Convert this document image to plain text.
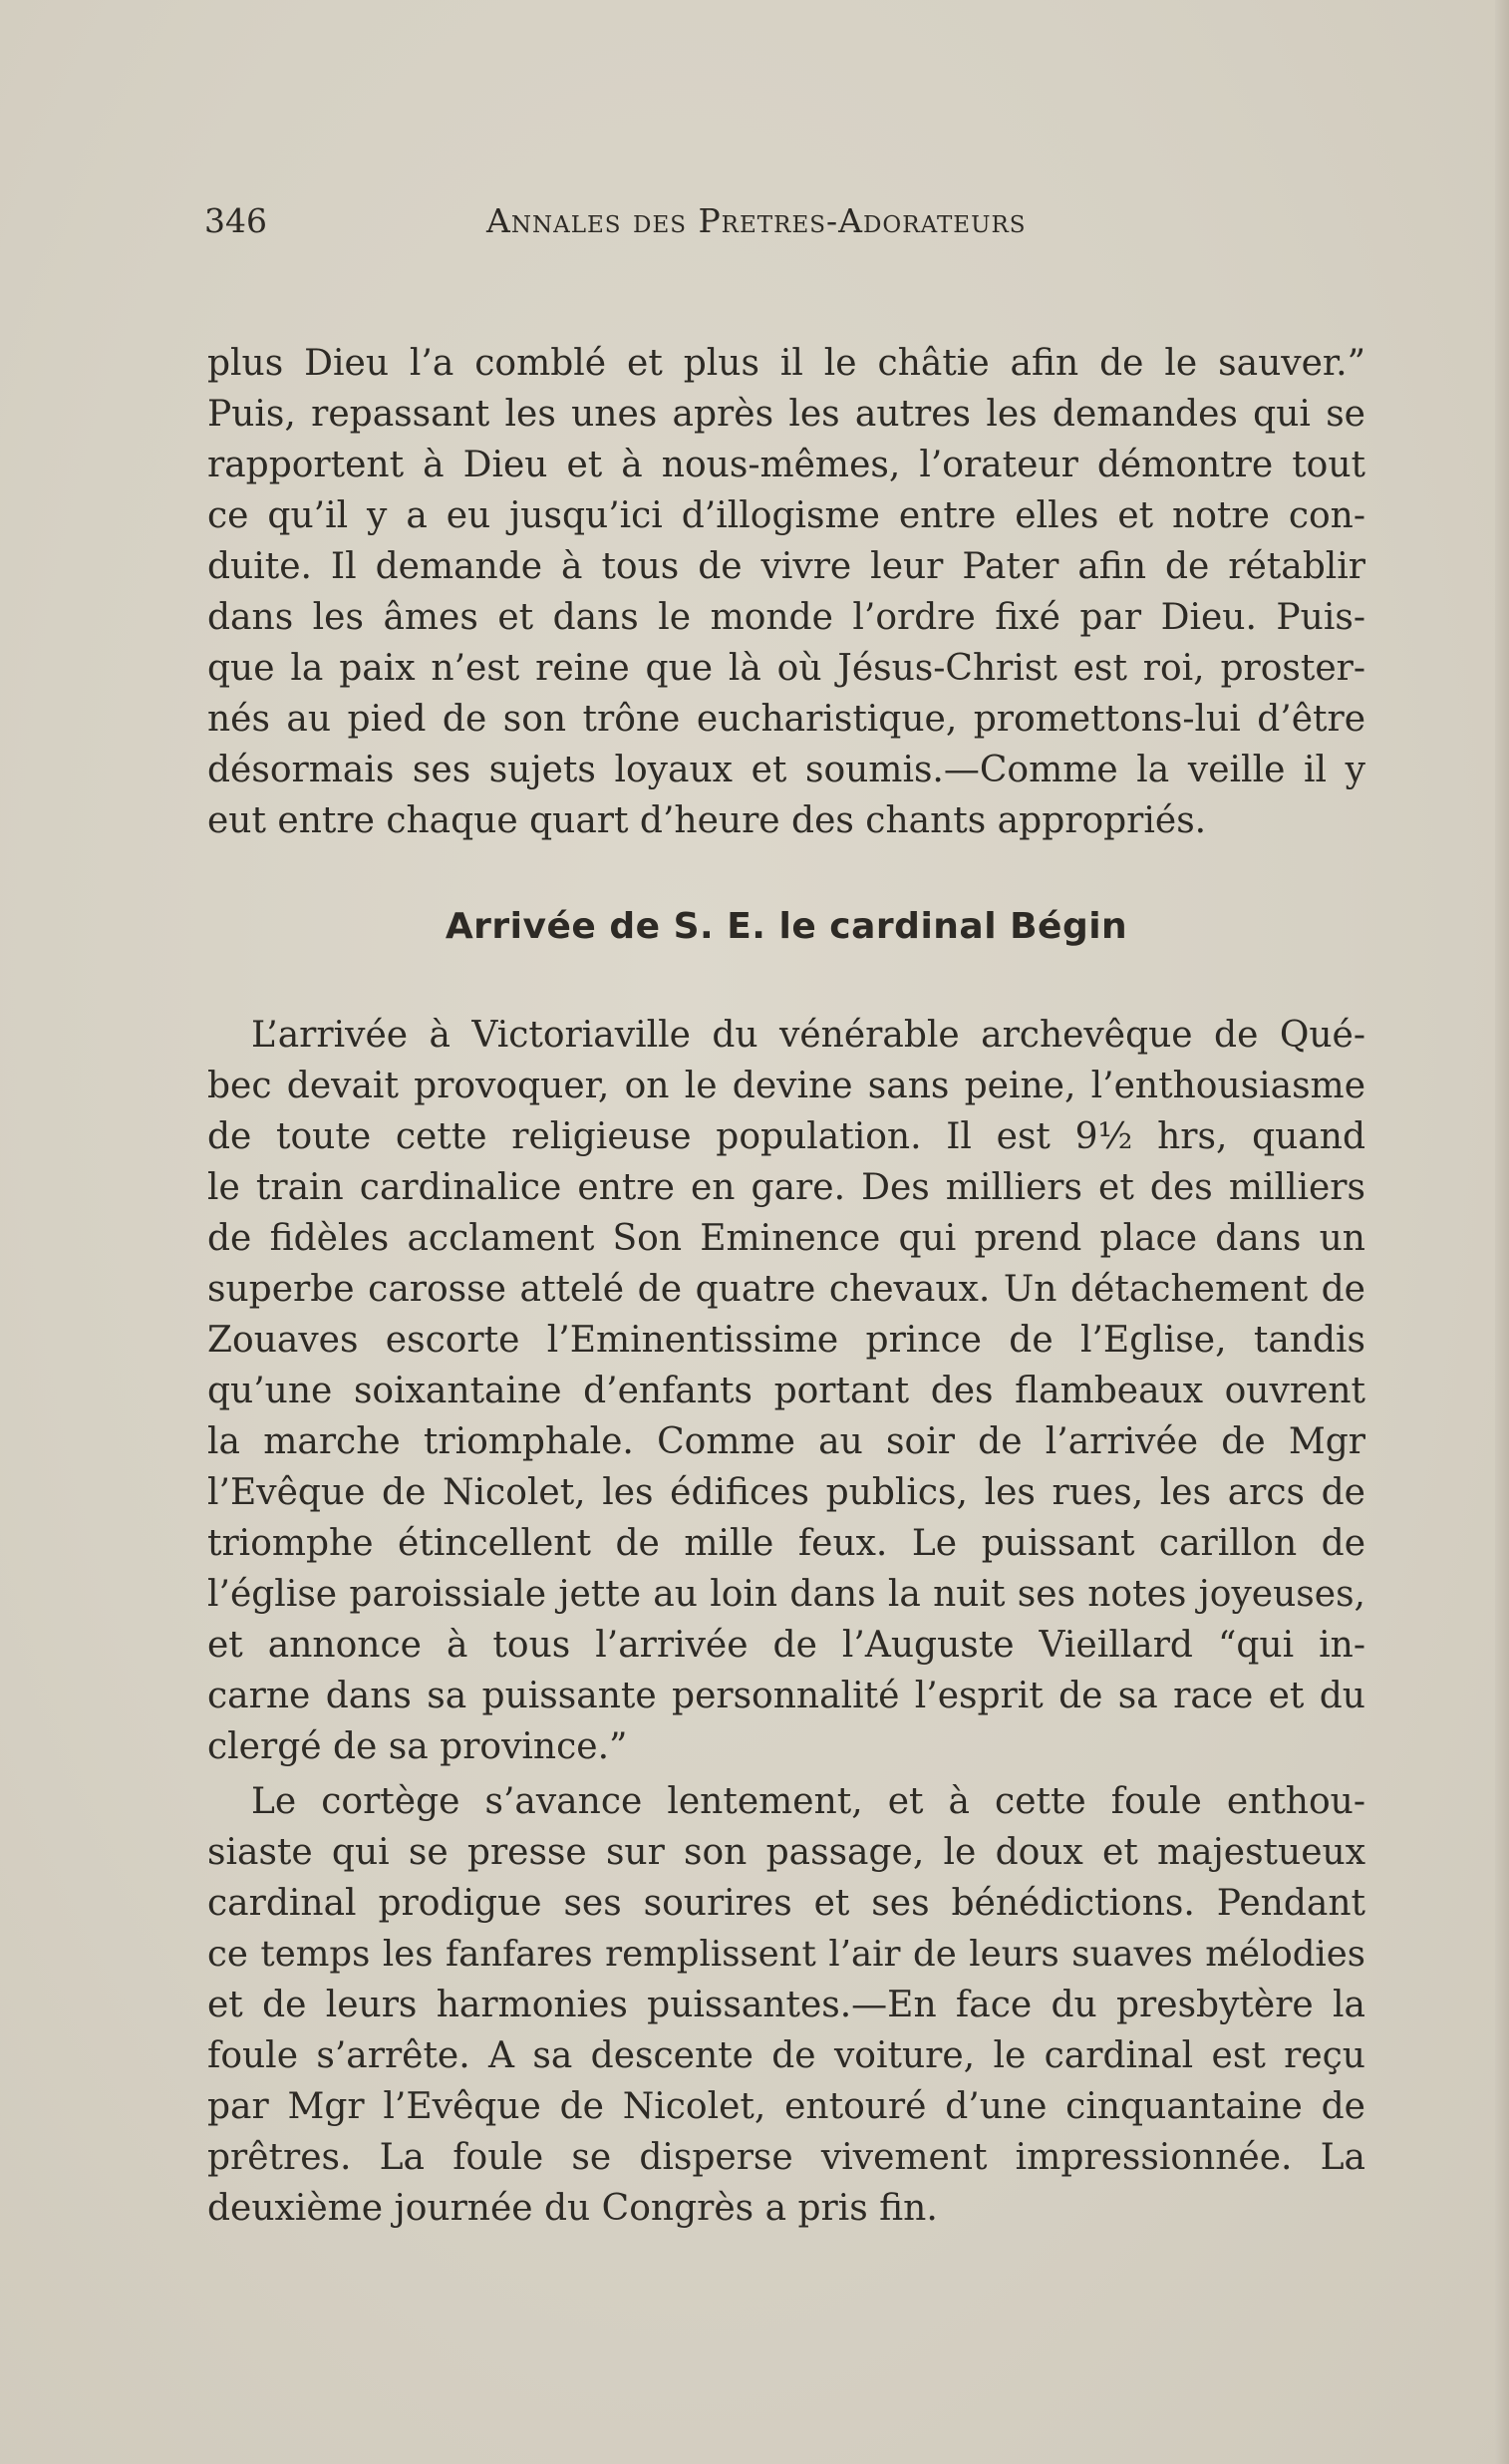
346	Annales des Pretres-Adorateurs
plus Dieu l’a comblé et plus il le châtie afin de le sauver.”
Puis, repassant les unes après les autres les demandes qui se
rapportent à Dieu et à nous-mêmes, l’orateur démontre tout
ce qu’il y a eu jusqu’ici d’illogisme entre elles et notre con-
duite. Il demande à tous de vivre leur Pater afin de rétablir
dans les âmes et dans le monde l’ordre fixé par Dieu. Puis-
que la paix n’est reine que là où Jésus-Christ est roi, proster-
nés au pied de son trône eucharistique, promettons-lui d’être
désormais ses sujets loyaux et soumis.—Comme la veille il y
eut entre chaque quart d’heure des chants appropriés.
Arrivée de S. E. le cardinal Bégin
L’arrivée à Victoriaville du vénérable archevêque de Qué-
bec devait provoquer, on le devine sans peine, l’enthousiasme
de toute cette religieuse population. Il est 9½ hrs, quand
le train cardinalice entre en gare. Des milliers et des milliers
de fidèles acclament Son Eminence qui prend place dans un
superbe carosse attelé de quatre chevaux. Un détachement de
Zouaves escorte l’Eminentissime prince de l’Eglise, tandis
qu’une soixantaine d’enfants portant des flambeaux ouvrent
la marche triomphale. Comme au soir de l’arrivée de Mgr
l’Evêque de Nicolet, les édifices publics, les rues, les arcs de
triomphe étincellent de mille feux. Le puissant carillon de
l’église paroissiale jette au loin dans la nuit ses notes joyeuses,
et annonce à tous l’arrivée de l’Auguste Vieillard “qui in-
carne dans sa puissante personnalité l’esprit de sa race et du
clergé de sa province.”
Le cortège s’avance lentement, et à cette foule enthou-
siaste qui se presse sur son passage, le doux et majestueux
cardinal prodigue ses sourires et ses bénédictions. Pendant
ce temps les fanfares remplissent l’air de leurs suaves mélodies
et de leurs harmonies puissantes.—En face du presbytère la
foule s’arrête. A sa descente de voiture, le cardinal est reçu
par Mgr l’Evêque de Nicolet, entouré d’une cinquantaine de
prêtres. La foule se disperse vivement impressionnée. La
deuxième journée du Congrès a pris fin.
